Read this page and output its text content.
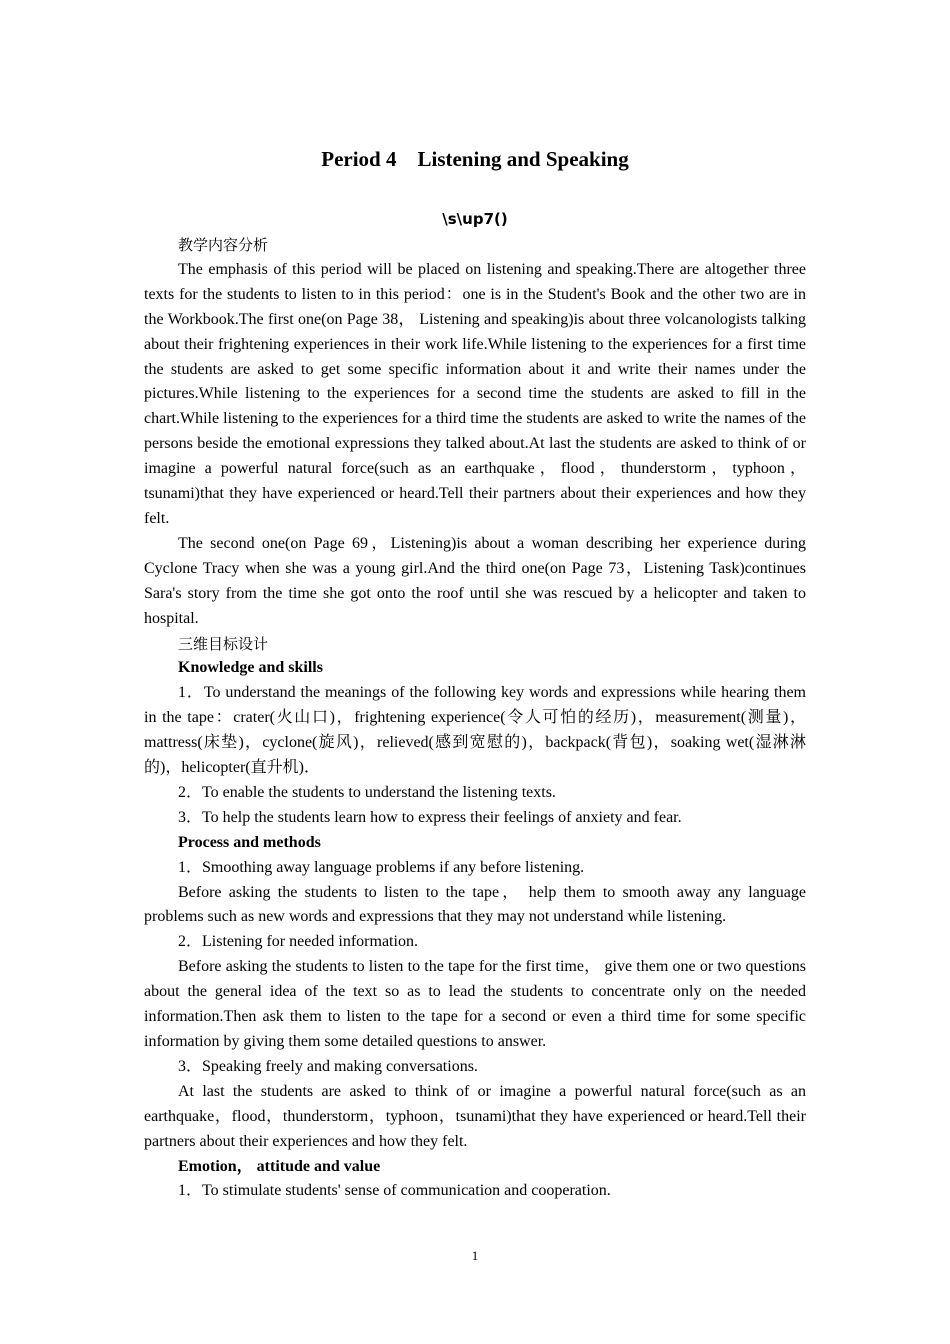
Period 4　Listening and Speaking
\s\up7()

教学内容分析

The emphasis of this period will be placed on listening and speaking.There are altogether three texts for the students to listen to in this period：one is in the Student's Book and the other two are in the Workbook.The first one(on Page 38， Listening and speaking)is about three volcanologists talking about their frightening experiences in their work life.While listening to the experiences for a first time the students are asked to get some specific information about it and write their names under the pictures.While listening to the experiences for a second time the students are asked to fill in the chart.While listening to the experiences for a third time the students are asked to write the names of the persons beside the emotional expressions they talked about.At last the students are asked to think of or imagine a powerful natural force(such as an earthquake，flood，thunderstorm，typhoon，tsunami)that they have experienced or heard.Tell their partners about their experiences and how they felt.

The second one(on Page 69，Listening)is about a woman describing her experience during Cyclone Tracy when she was a young girl.And the third one(on Page 73，Listening Task)continues Sara's story from the time she got onto the roof until she was rescued by a helicopter and taken to hospital.

三维目标设计

Knowledge and skills

1．To understand the meanings of the following key words and expressions while hearing them in the tape：crater(火山口)，frightening experience(令人可怕的经历)，measurement(测量)，mattress(床垫)，cyclone(旋风)，relieved(感到宽慰的)，backpack(背包)，soaking wet(湿淋淋的)，helicopter(直升机)．

2．To enable the students to understand the listening texts.

3．To help the students learn how to express their feelings of anxiety and fear.

Process and methods

1．Smoothing away language problems if any before listening.

Before asking the students to listen to the tape， help them to smooth away any language problems such as new words and expressions that they may not understand while listening.

2．Listening for needed information.

Before asking the students to listen to the tape for the first time， give them one or two questions about the general idea of the text so as to lead the students to concentrate only on the needed information.Then ask them to listen to the tape for a second or even a third time for some specific information by giving them some detailed questions to answer.

3．Speaking freely and making conversations.

At last the students are asked to think of or imagine a powerful natural force(such as an earthquake，flood，thunderstorm，typhoon，tsunami)that they have experienced or heard.Tell their partners about their experiences and how they felt.

Emotion， attitude and value

1．To stimulate students' sense of communication and cooperation.

1
